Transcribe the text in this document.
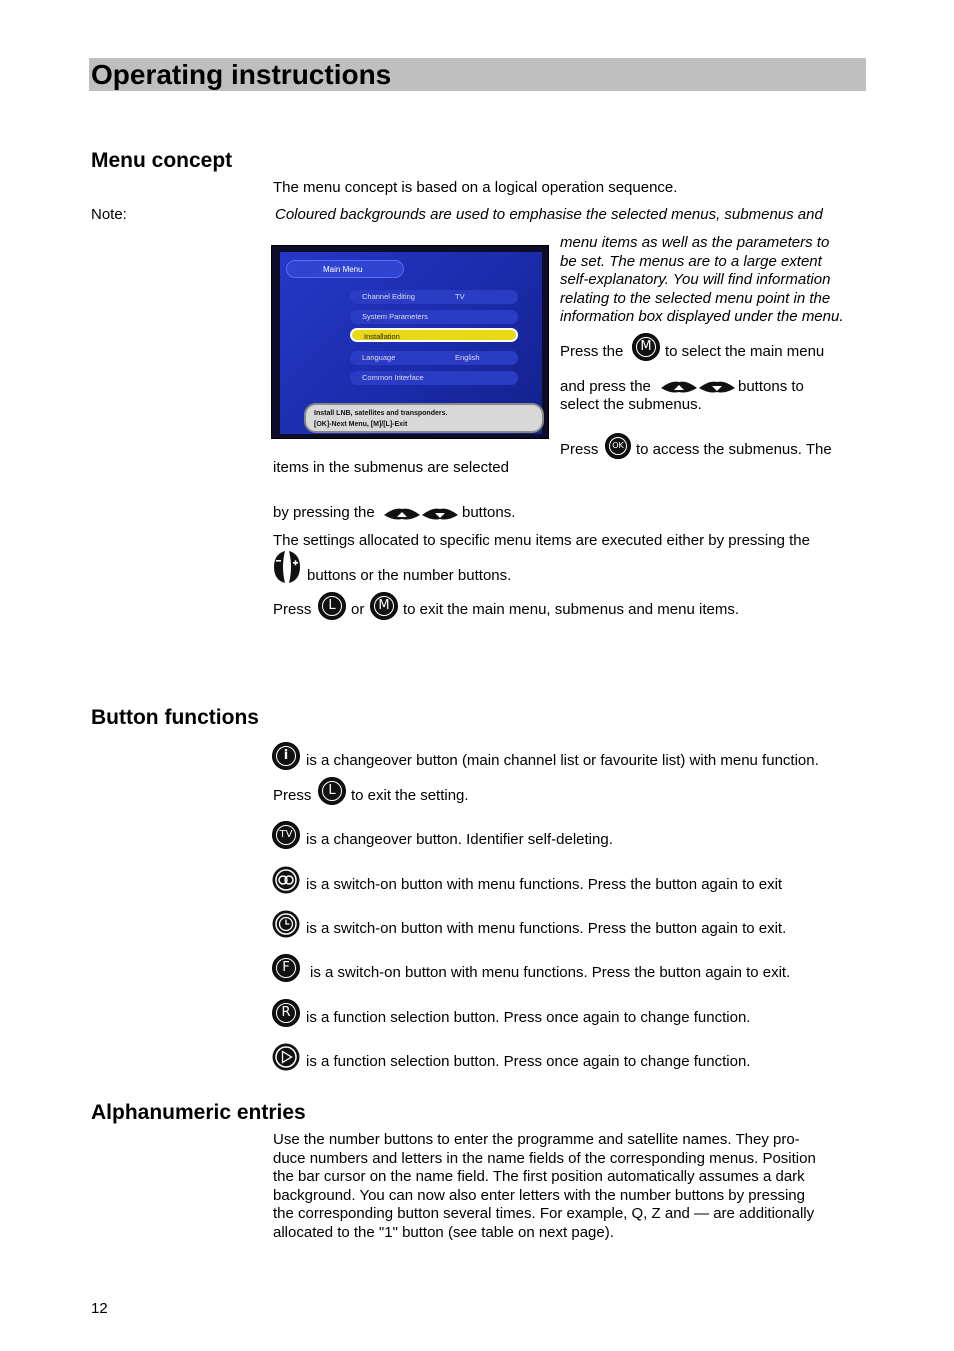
Operating instructions
Menu concept
The menu concept is based on a logical operation sequence.
Note:	Coloured backgrounds are used to emphasise the selected menus, submenus and
Main Menu
Channel Editing	TV
System Parameters
Installation
Language	English
Common Interface
Install LNB, satellites and transponders.
[OK]-Next Menu, [M]/[L]-Exit
menu items as well as the parameters to
be set. The menus are to a large extent
self-explanatory. You will find information
relating to the selected menu point in the
information box displayed under the menu.
Press the	M to select the main menu
and press the	buttons to
select the submenus.
Press	OK to access the submenus. The
items in the submenus are selected
by pressing the	buttons.
The settings allocated to specific menu items are executed either by pressing the
buttons or the number buttons.
Press	L	or	M to exit the main menu, submenus and menu items.
Button functions
i	is a changeover button (main channel list or favourite list) with menu function.
Press	L	to exit the setting.
TV is a changeover button. Identifier self-deleting.
is a switch-on button with menu functions. Press the button again to exit
is a switch-on button with menu functions. Press the button again to exit.
F	is a switch-on button with menu functions. Press the button again to exit.
R	is a function selection button. Press once again to change function.
is a function selection button. Press once again to change function.
Alphanumeric entries
Use the number buttons to enter the programme and satellite names. They pro-
duce numbers and letters in the name fields of the corresponding menus. Position
the bar cursor on the name field. The first position automatically assumes a dark
background. You can now also enter letters with the number buttons by pressing
the corresponding button several times. For example, Q, Z and — are additionally
allocated to the "1" button (see table on next page).
12
